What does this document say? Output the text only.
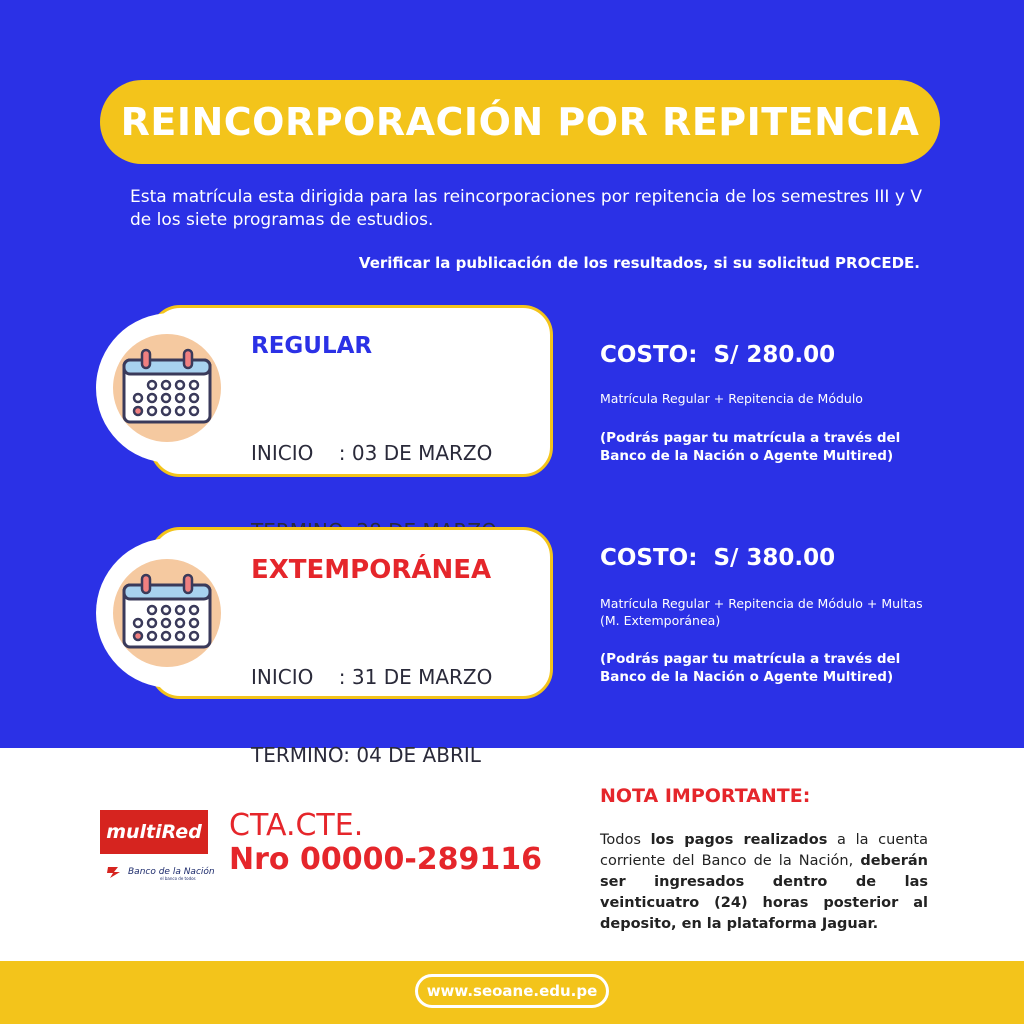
REINCORPORACIÓN POR REPITENCIA

Esta matrícula esta dirigida para las reincorporaciones por repitencia de los semestres III y V de los siete programas de estudios.

Verificar la publicación de los resultados, si su solicitud PROCEDE.

REGULAR

INICIO    : 03 DE MARZO

COSTO:  S/ 280.00
Matrícula Regular + Repitencia de Módulo
(Podrás pagar tu matrícula a través del Banco de la Nación o Agente Multired)
EXTEMPORÁNEA

INICIO    : 31 DE MARZO

TERMINO: 04 DE ABRIL

COSTO:  S/ 380.00
Matrícula Regular + Repitencia de Módulo + Multas (M. Extemporánea)
(Podrás pagar tu matrícula a través del Banco de la Nación o Agente Multired)
multiRed
Banco de la Nación
el banco de todos
CTA.CTE.
Nro 00000-289116
NOTA IMPORTANTE:

Todos los pagos realizados a la cuenta corriente del Banco de la Nación, deberán ser ingresados dentro de las veinticuatro (24) horas posterior al deposito, en la plataforma Jaguar.

www.seoane.edu.pe
